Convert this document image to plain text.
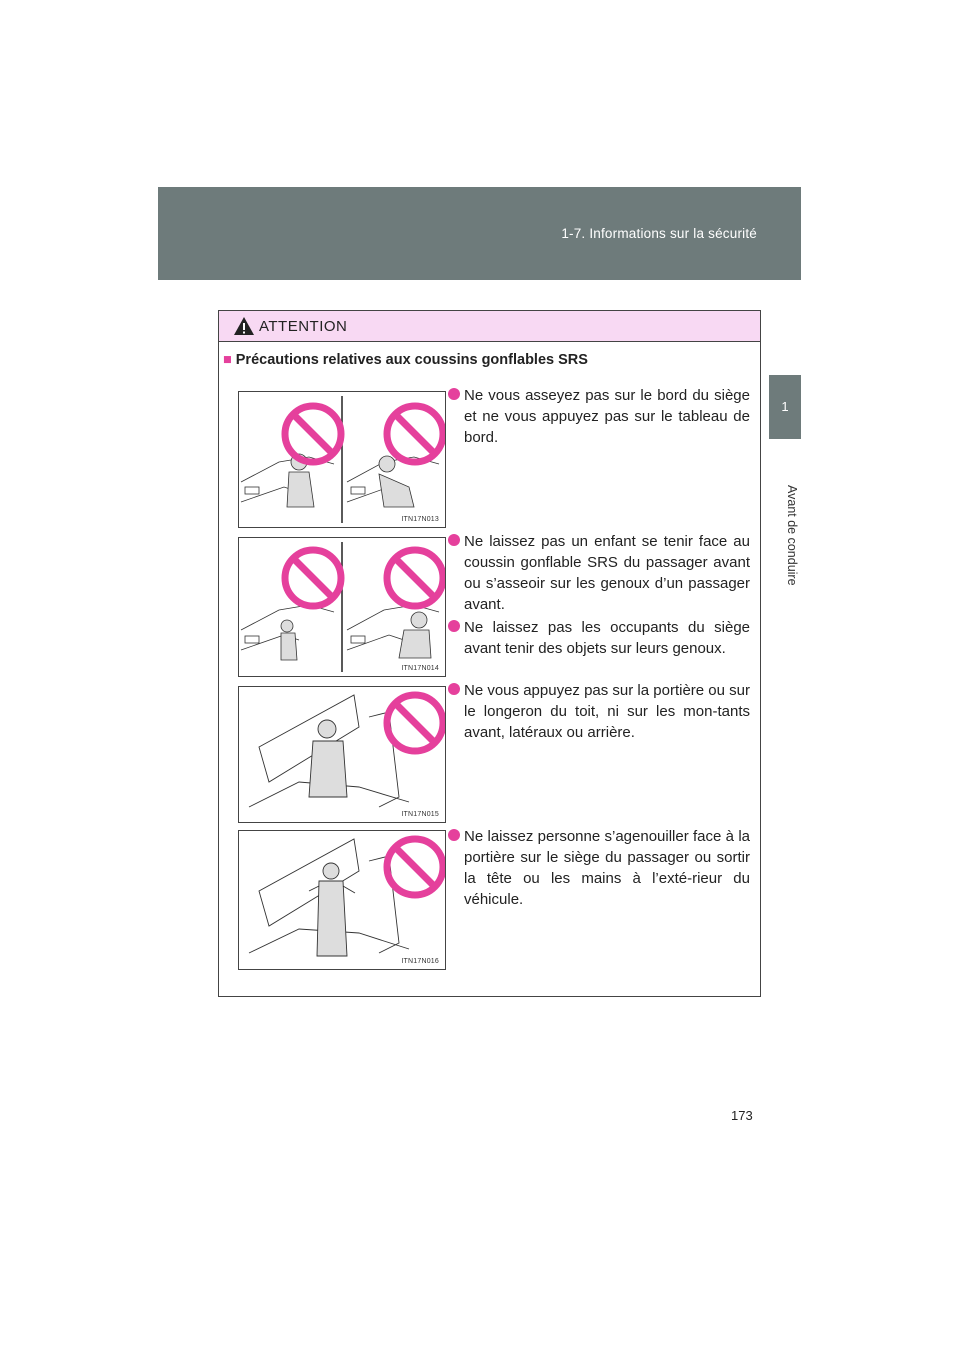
1-7. Informations sur la sécurité
1
Avant de conduire
ATTENTION
■ Précautions relatives aux coussins gonflables SRS
ITN17N013
ITN17N014
ITN17N015
ITN17N016
Ne vous asseyez pas sur le bord du siège et ne vous appuyez pas sur le tableau de bord.
Ne laissez pas un enfant se tenir face au coussin gonflable SRS du passager avant ou s’asseoir sur les genoux d’un passager avant.
Ne laissez pas les occupants du siège avant tenir des objets sur leurs genoux.
Ne vous appuyez pas sur la portière ou sur le longeron du toit, ni sur les mon-tants avant, latéraux ou arrière.
Ne laissez personne s’agenouiller face à la portière sur le siège du passager ou sortir la tête ou les mains à l’exté-rieur du véhicule.
173
